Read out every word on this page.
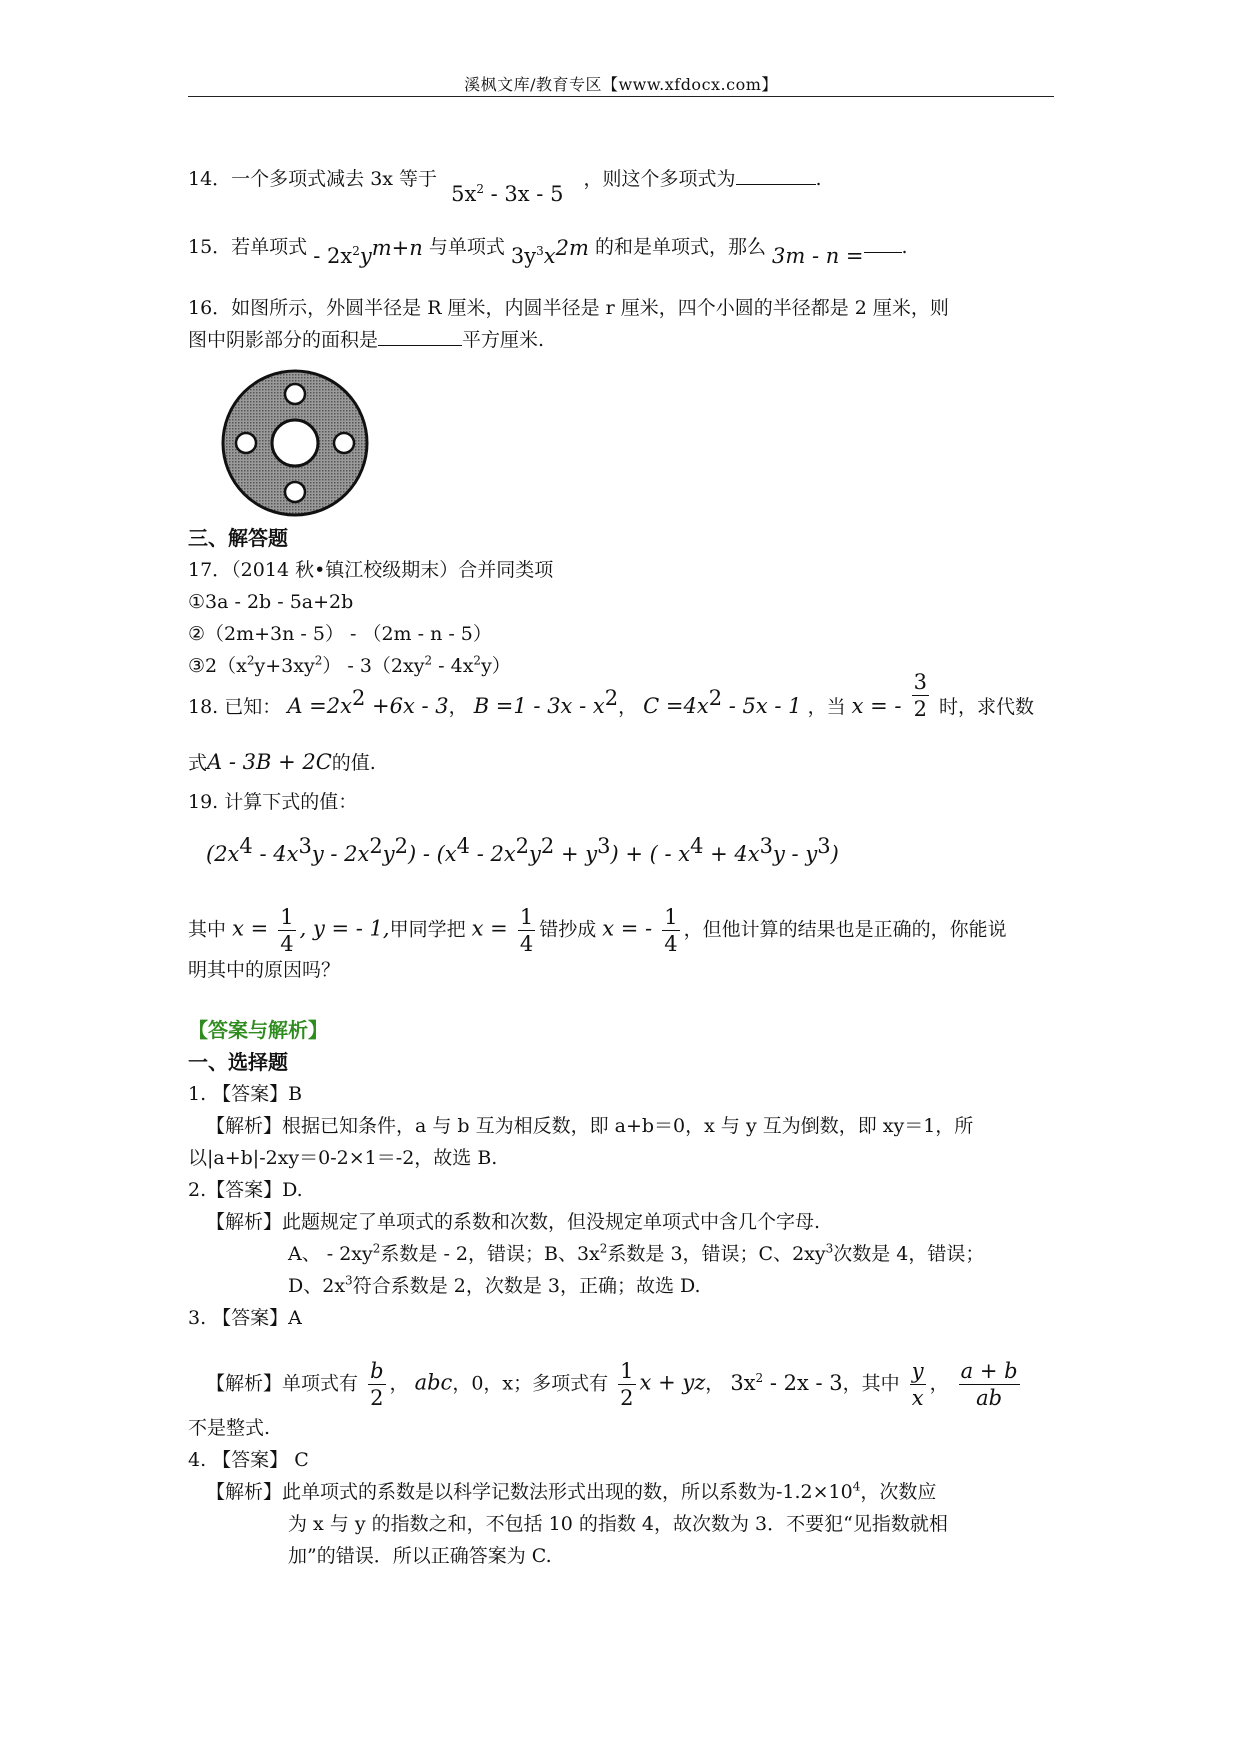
溪枫文库/教育专区【www.xfdocx.com】
14．一个多项式减去 3x 等于 $5x^2 - 3x - 5$ ，则这个多项式为	.
15．若单项式 - $2x^2y^{m+n}$ 与单项式 $3y^3x^{2m}$ 的和是单项式，那么 3m - n = .
16．如图所示，外圆半径是 R 厘米，内圆半径是 r 厘米，四个小圆的半径都是 2 厘米，则
图中阴影部分的面积是	平方厘米.
三、解答题
17．（2014 秋•镇江校级期末）合并同类项
①3a - 2b - 5a+2b
②（2m+3n - 5） - （2m - n - 5）
$③2(x^2y+3xy^2) - 3(2xy^2 - 4x^2y)$
18. 已知： $A =2x^2 +6x - 3$， $B =1 - 3x - x^2$， $C =4x^2 - 5x - 1$ ，当 x = - $\frac{3}{2}$ 时，求代数
式A - 3B + 2C的值.
19. 计算下式的值：
$(2x^4 - 4x^3y - 2x^2y^2) - (x^4 - 2x^2y^2 + y^3)$ + ( - $x^4 + 4x^3y - y^3$)
其中 $x = \frac{1}{4}$ , y = - 1,甲同学把 $x = \frac{1}{4}$ 错抄成 x = - $\frac{1}{4}$ ，但他计算的结果也是正确的，你能说
明其中的原因吗？
【答案与解析】
一、选择题
1. 【答案】B
【解析】根据已知条件，a 与 b 互为相反数，即 a+b＝0，x 与 y 互为倒数，即 xy＝1，所
以|a+b|-2xy＝0-2×1＝-2，故选 B.
2.【答案】D.
【解析】此题规定了单项式的系数和次数，但没规定单项式中含几个字母.
A、 - $2xy^2$系数是 - 2，错误；B、$3x^2$系数是 3，错误；C、$2xy^3$次数是 4，错误；
D、$2x^3$符合系数是 2，次数是 3，正确；故选 D.
3. 【答案】A
【解析】单项式有 $\frac{b}{2}$ ， abc，0，x；多项式有 $\frac{1}{2}$ x + yz， $3x^2 - 2x - 3$，其中 $\frac{y}{x}$ ， $\frac{a + b}{ab}$
不是整式.
4. 【答案】 C
【解析】此单项式的系数是以科学记数法形式出现的数，所以系数为$-1.2\times 10^4$，次数应
为 x 与 y 的指数之和，不包括 10 的指数 4，故次数为 3．不要犯“见指数就相
加”的错误．所以正确答案为 C.
